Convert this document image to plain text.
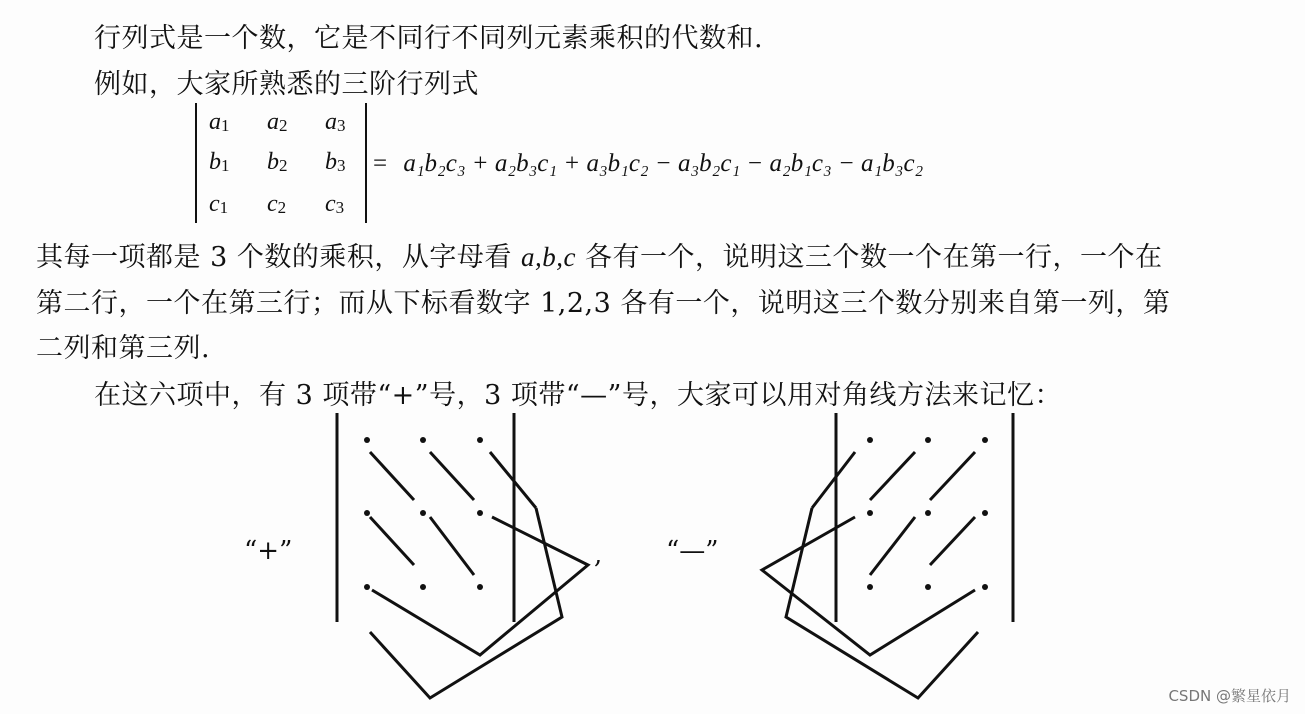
行列式是一个数，它是不同行不同列元素乘积的代数和.
例如，大家所熟悉的三阶行列式
$a_1$ $a_2$ $a_3$
$b_1$ $b_2$ $b_3$
$c_1$ $c_2$ $c_3$
= a₁b₂c₃ + a₂b₃c₁ + a₃b₁c₂ − a₃b₂c₁ − a₂b₁c₃ − a₁b₃c₂
其每一项都是 3 个数的乘积，从字母看 a,b,c 各有一个，说明这三个数一个在第一行，一个在
第二行，一个在第三行；而从下标看数字 1,2,3 各有一个，说明这三个数分别来自第一列，第
二列和第三列.
在这六项中，有 3 项带“+”号，3 项带“—”号，大家可以用对角线方法来记忆：
“+”	, “—”
CSDN @繁星依月
